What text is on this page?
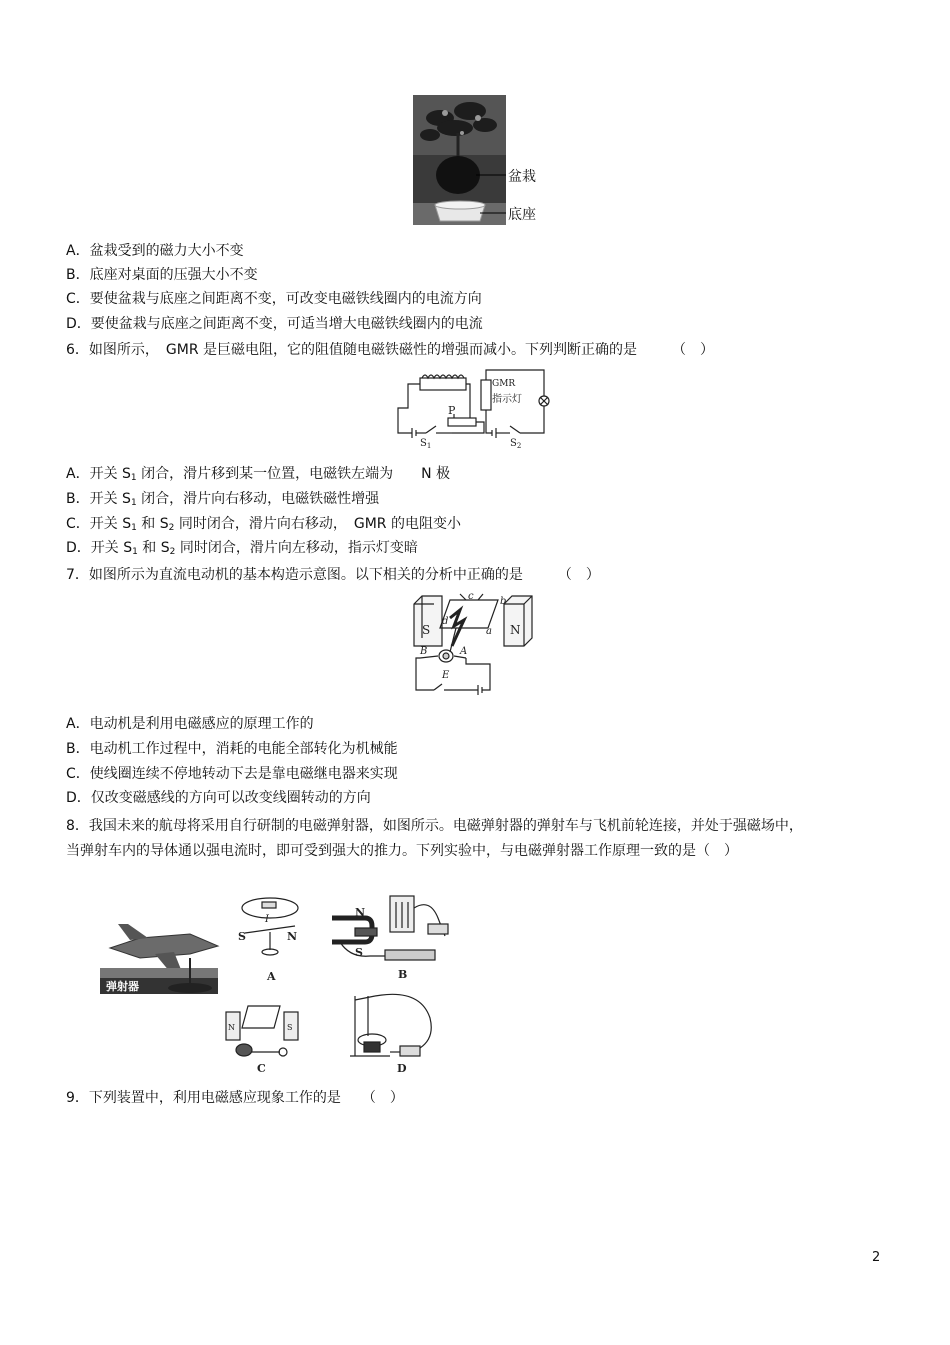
盆栽
底座
A．盆栽受到的磁力大小不变
B．底座对桌面的压强大小不变
C．要使盆栽与底座之间距离不变，可改变电磁铁线圈内的电流方向
D．要使盆栽与底座之间距离不变，可适当增大电磁铁线圈内的电流
6．如图所示，　GMR 是巨磁电阻，它的阻值随电磁铁磁性的增强而减小。下列判断正确的是　　　（　）
P
GMR
指示灯
$S_1$	$S_2$
A．开关 $S_1$ 闭合，滑片移到某一位置，电磁铁左端为　　N 极
B．开关 $S_1$ 闭合，滑片向右移动，电磁铁磁性增强
C．开关 $S_1$ 和 $S_2$ 同时闭合，滑片向右移动，　GMR 的电阻变小
D．开关 $S_1$ 和 $S_2$ 同时闭合，滑片向左移动，指示灯变暗
7．如图所示为直流电动机的基本构造示意图。以下相关的分析中正确的是　　　（　）
S	N
c	b
a
d
B	A
E
A．电动机是利用电磁感应的原理工作的
B．电动机工作过程中，消耗的电能全部转化为机械能
C．使线圈连续不停地转动下去是靠电磁继电器来实现
D．仅改变磁感线的方向可以改变线圈转动的方向
8．我国未来的航母将采用自行研制的电磁弹射器，如图所示。电磁弹射器的弹射车与飞机前轮连接，并处于强磁场中，当弹射车内的导体通以强电流时，即可受到强大的推力。下列实验中，与电磁弹射器工作原理一致的是（　）
弹射器
I
S	N
A
N
S
B
N	S
C	D
9．下列装置中，利用电磁感应现象工作的是　　（　）
2
